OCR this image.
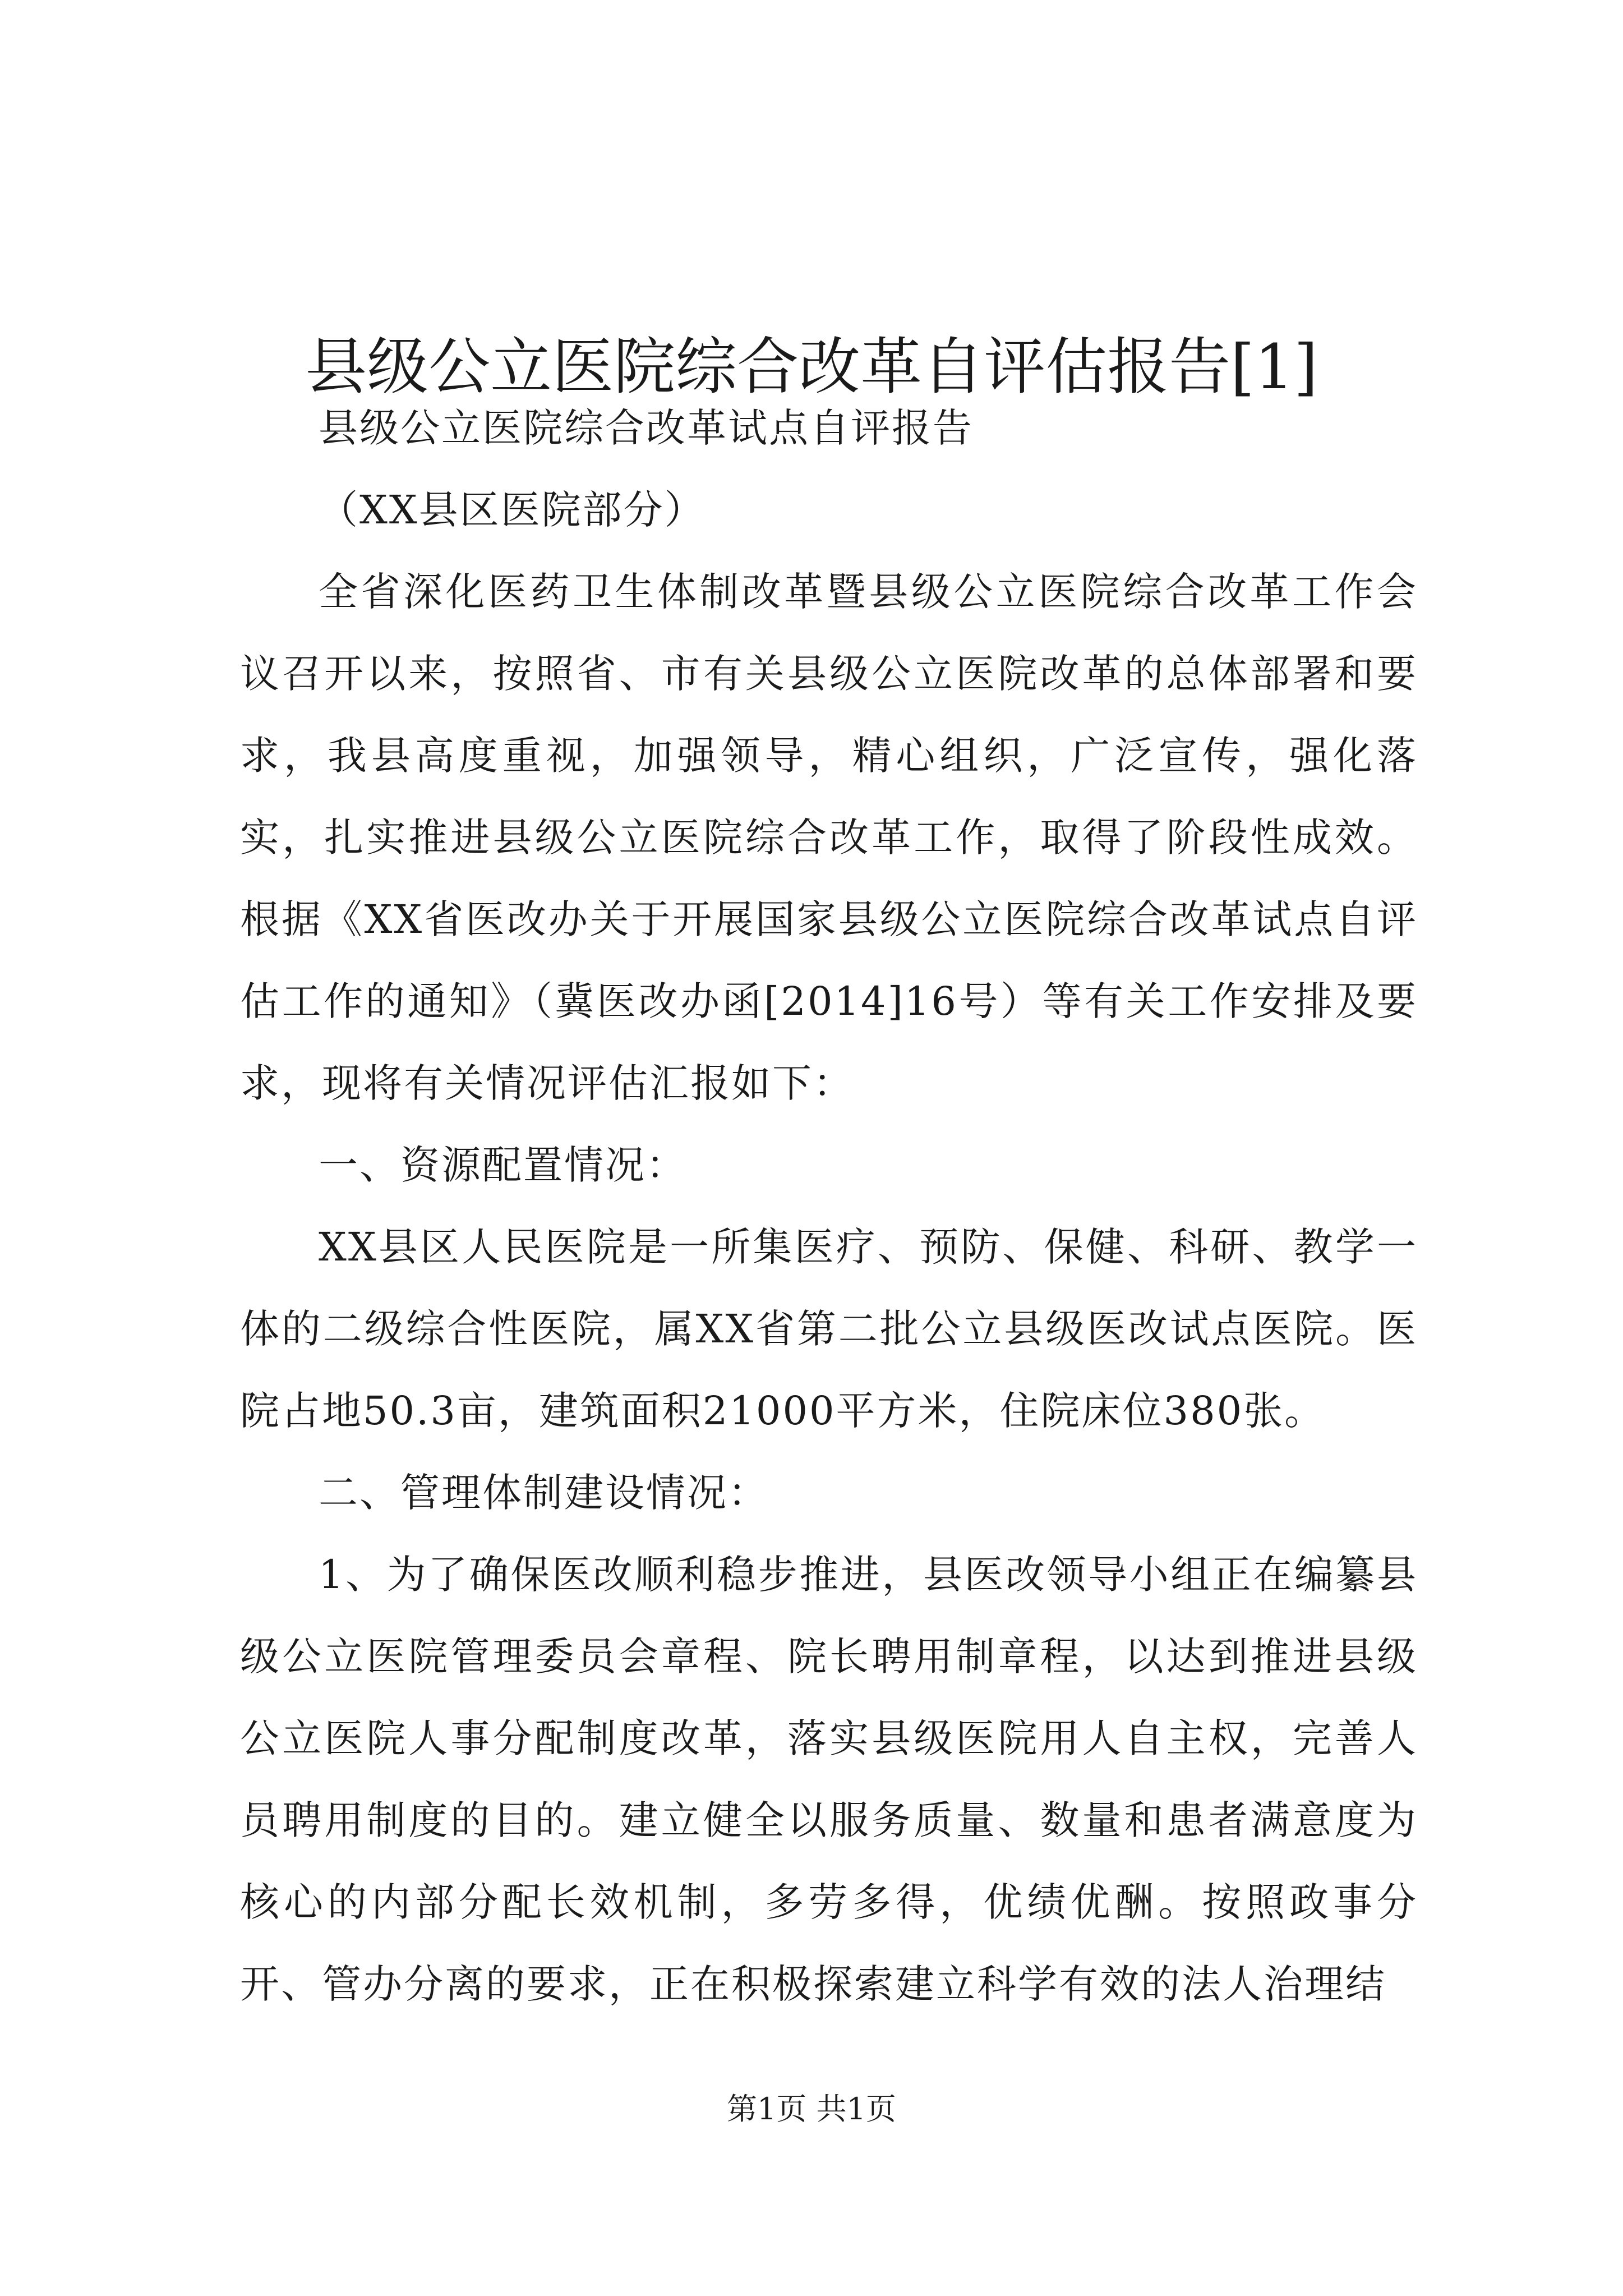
县级公立医院综合改革自评估报告[1]

县级公立医院综合改革试点自评报告

（XX县区医院部分）

全省深化医药卫生体制改革暨县级公立医院综合改革工作会议召开以来，按照省、市有关县级公立医院改革的总体部署和要求，我县高度重视，加强领导，精心组织，广泛宣传，强化落实，扎实推进县级公立医院综合改革工作，取得了阶段性成效。根据《XX省医改办关于开展国家县级公立医院综合改革试点自评估工作的通知》（冀医改办函[2014]16号）等有关工作安排及要求，现将有关情况评估汇报如下：

一、资源配置情况：

XX县区人民医院是一所集医疗、预防、保健、科研、教学一体的二级综合性医院，属XX省第二批公立县级医改试点医院。医院占地50.3亩，建筑面积21000平方米，住院床位380张。

二、管理体制建设情况：

1、为了确保医改顺利稳步推进，县医改领导小组正在编纂县级公立医院管理委员会章程、院长聘用制章程，以达到推进县级公立医院人事分配制度改革，落实县级医院用人自主权，完善人员聘用制度的目的。建立健全以服务质量、数量和患者满意度为核心的内部分配长效机制，多劳多得，优绩优酬。按照政事分开、管办分离的要求，正在积极探索建立科学有效的法人治理结

第1页 共1页
